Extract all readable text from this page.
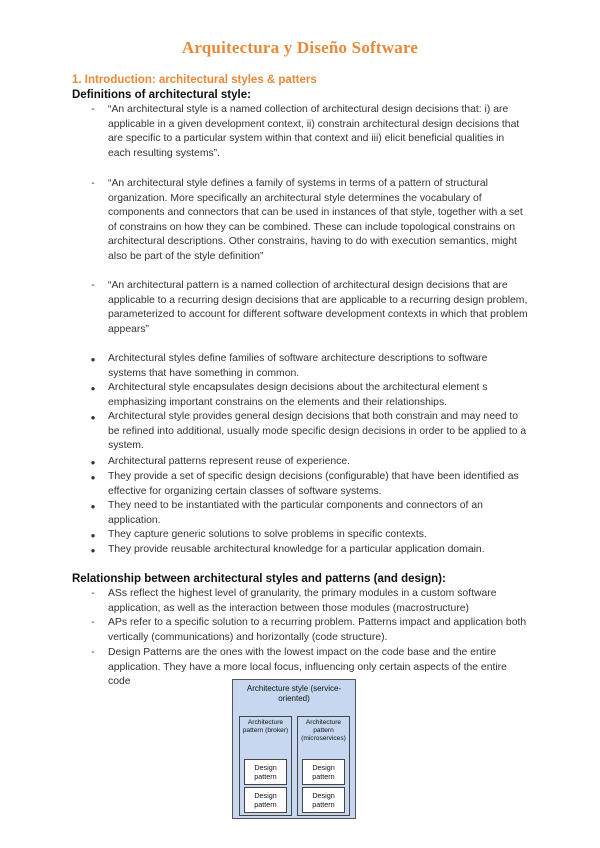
Arquitectura y Diseño Software
1. Introduction: architectural styles & patters
Definitions of architectural style:
-	“An architectural style is a named collection of architectural design decisions that: i) are applicable in a given development context, ii) constrain architectural design decisions that are specific to a particular system within that context and iii) elicit beneficial qualities in each resulting systems”.
-	“An architectural style defines a family of systems in terms of a pattern of structural organization. More specifically an architectural style determines the vocabulary of components and connectors that can be used in instances of that style, together with a set of constrains on how they can be combined. These can include topological constrains on architectural descriptions. Other constrains, having to do with execution semantics, might also be part of the style definition”
-	“An architectural pattern is a named collection of architectural design decisions that are applicable to a recurring design decisions that are applicable to a recurring design problem, parameterized to account for different software development contexts in which that problem appears”
● Architectural styles define families of software architecture descriptions to software systems that have something in common.
● Architectural style encapsulates design decisions about the architectural element s emphasizing important constrains on the elements and their relationships.
● Architectural style provides general design decisions that both constrain and may need to be refined into additional, usually mode specific design decisions in order to be applied to a system.
● Architectural patterns represent reuse of experience.
● They provide a set of specific design decisions (configurable) that have been identified as effective for organizing certain classes of software systems.
● They need to be instantiated with the particular components and connectors of an application.
● They capture generic solutions to solve problems in specific contexts.
● They provide reusable architectural knowledge for a particular application domain.
Relationship between architectural styles and patterns (and design):
-	ASs reflect the highest level of granularity, the primary modules in a custom software application, as well as the interaction between those modules (macrostructure)
-	APs refer to a specific solution to a recurring problem. Patterns impact and application both vertically (communications) and horizontally (code structure).
-	Design Patterns are the ones with the lowest impact on the code base and the entire application. They have a more local focus, influencing only certain aspects of the entire code
Architecture style (service-oriented)
Architecture pattern (broker)
Design pattern
Design pattern
Architecture pattern (microservices)
Design pattern
Design pattern
